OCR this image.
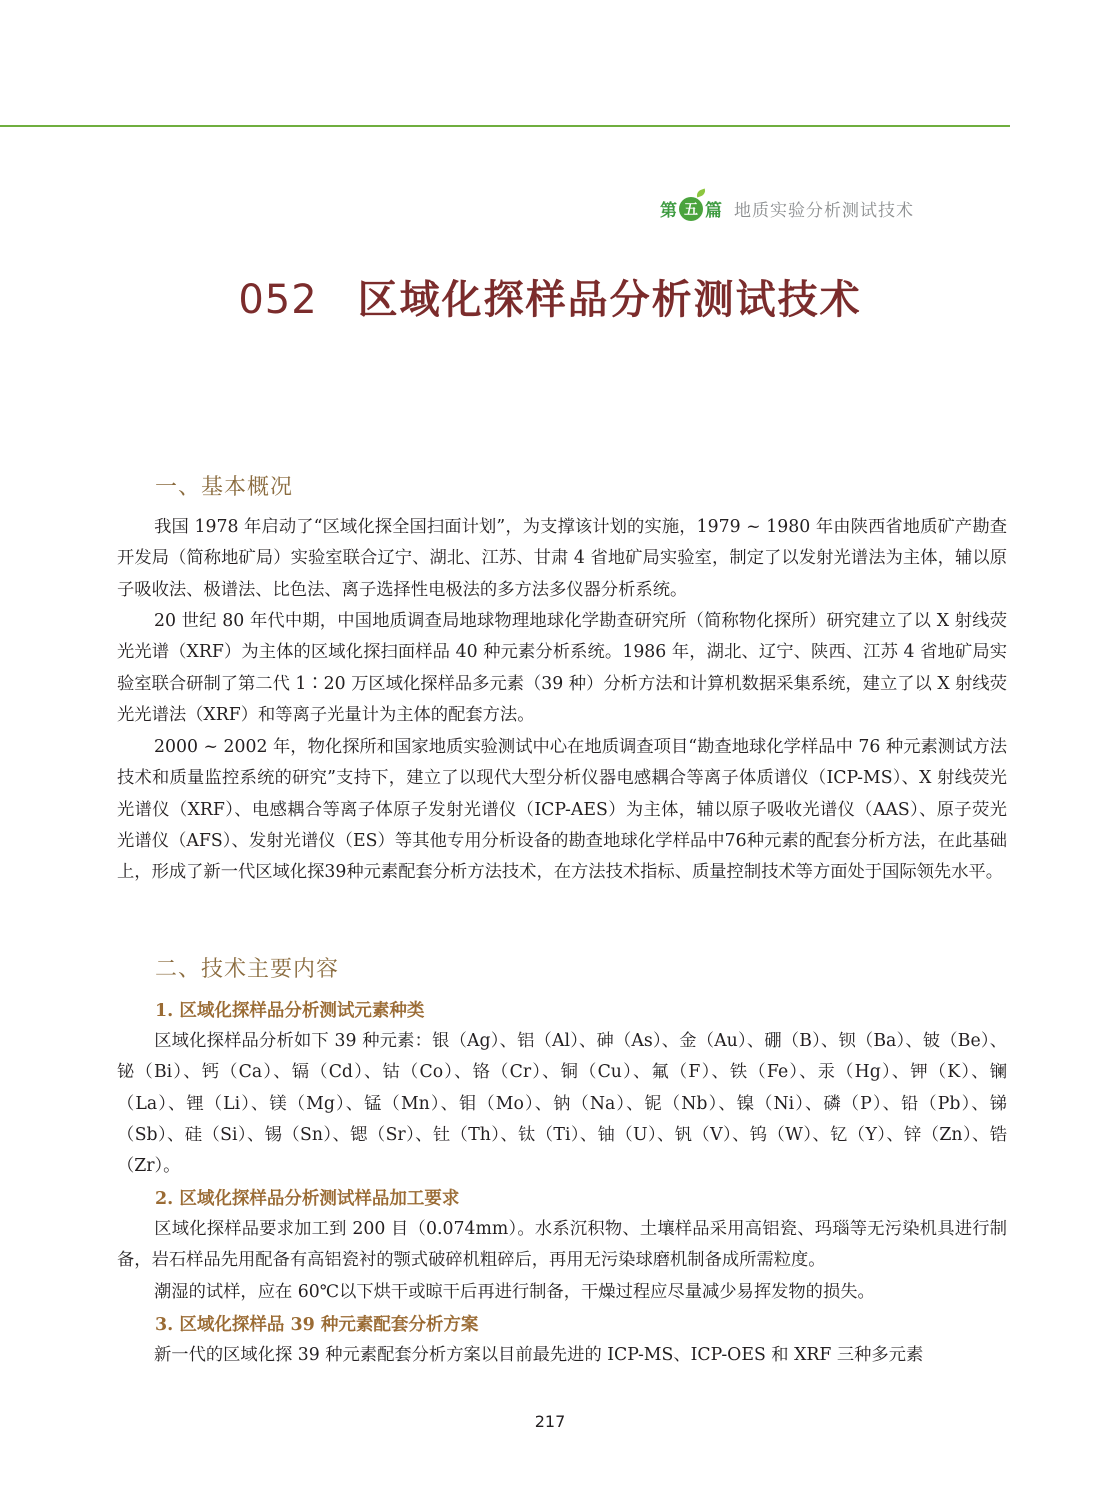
第 五 篇 地质实验分析测试技术
052 区域化探样品分析测试技术
一、基本概况

我国 1978 年启动了“区域化探全国扫面计划”，为支撑该计划的实施，1979 ~ 1980 年由陕西省地质矿产勘查开发局（简称地矿局）实验室联合辽宁、湖北、江苏、甘肃 4 省地矿局实验室，制定了以发射光谱法为主体，辅以原子吸收法、极谱法、比色法、离子选择性电极法的多方法多仪器分析系统。

20 世纪 80 年代中期，中国地质调查局地球物理地球化学勘查研究所（简称物化探所）研究建立了以 X 射线荧光光谱（XRF）为主体的区域化探扫面样品 40 种元素分析系统。1986 年，湖北、辽宁、陕西、江苏 4 省地矿局实验室联合研制了第二代 1∶20 万区域化探样品多元素（39 种）分析方法和计算机数据采集系统，建立了以 X 射线荧光光谱法（XRF）和等离子光量计为主体的配套方法。

2000 ~ 2002 年，物化探所和国家地质实验测试中心在地质调查项目“勘查地球化学样品中 76 种元素测试方法技术和质量监控系统的研究”支持下，建立了以现代大型分析仪器电感耦合等离子体质谱仪（ICP-MS）、X 射线荧光光谱仪（XRF）、电感耦合等离子体原子发射光谱仪（ICP-AES）为主体，辅以原子吸收光谱仪（AAS）、原子荧光光谱仪（AFS）、发射光谱仪（ES）等其他专用分析设备的勘查地球化学样品中76种元素的配套分析方法，在此基础上，形成了新一代区域化探39种元素配套分析方法技术，在方法技术指标、质量控制技术等方面处于国际领先水平。

二、技术主要内容
1. 区域化探样品分析测试元素种类

区域化探样品分析如下 39 种元素：银（Ag）、铝（Al）、砷（As）、金（Au）、硼（B）、钡（Ba）、铍（Be）、铋（Bi）、钙（Ca）、镉（Cd）、钴（Co）、铬（Cr）、铜（Cu）、氟（F）、铁（Fe）、汞（Hg）、钾（K）、镧（La）、锂（Li）、镁（Mg）、锰（Mn）、钼（Mo）、钠（Na）、铌（Nb）、镍（Ni）、磷（P）、铅（Pb）、锑（Sb）、硅（Si）、锡（Sn）、锶（Sr）、钍（Th）、钛（Ti）、铀（U）、钒（V）、钨（W）、钇（Y）、锌（Zn）、锆（Zr）。

2. 区域化探样品分析测试样品加工要求

区域化探样品要求加工到 200 目（0.074mm）。水系沉积物、土壤样品采用高铝瓷、玛瑙等无污染机具进行制备，岩石样品先用配备有高铝瓷衬的颚式破碎机粗碎后，再用无污染球磨机制备成所需粒度。

潮湿的试样，应在 60℃以下烘干或晾干后再进行制备，干燥过程应尽量减少易挥发物的损失。

3. 区域化探样品 39 种元素配套分析方案

新一代的区域化探 39 种元素配套分析方案以目前最先进的 ICP-MS、ICP-OES 和 XRF 三种多元素

217
